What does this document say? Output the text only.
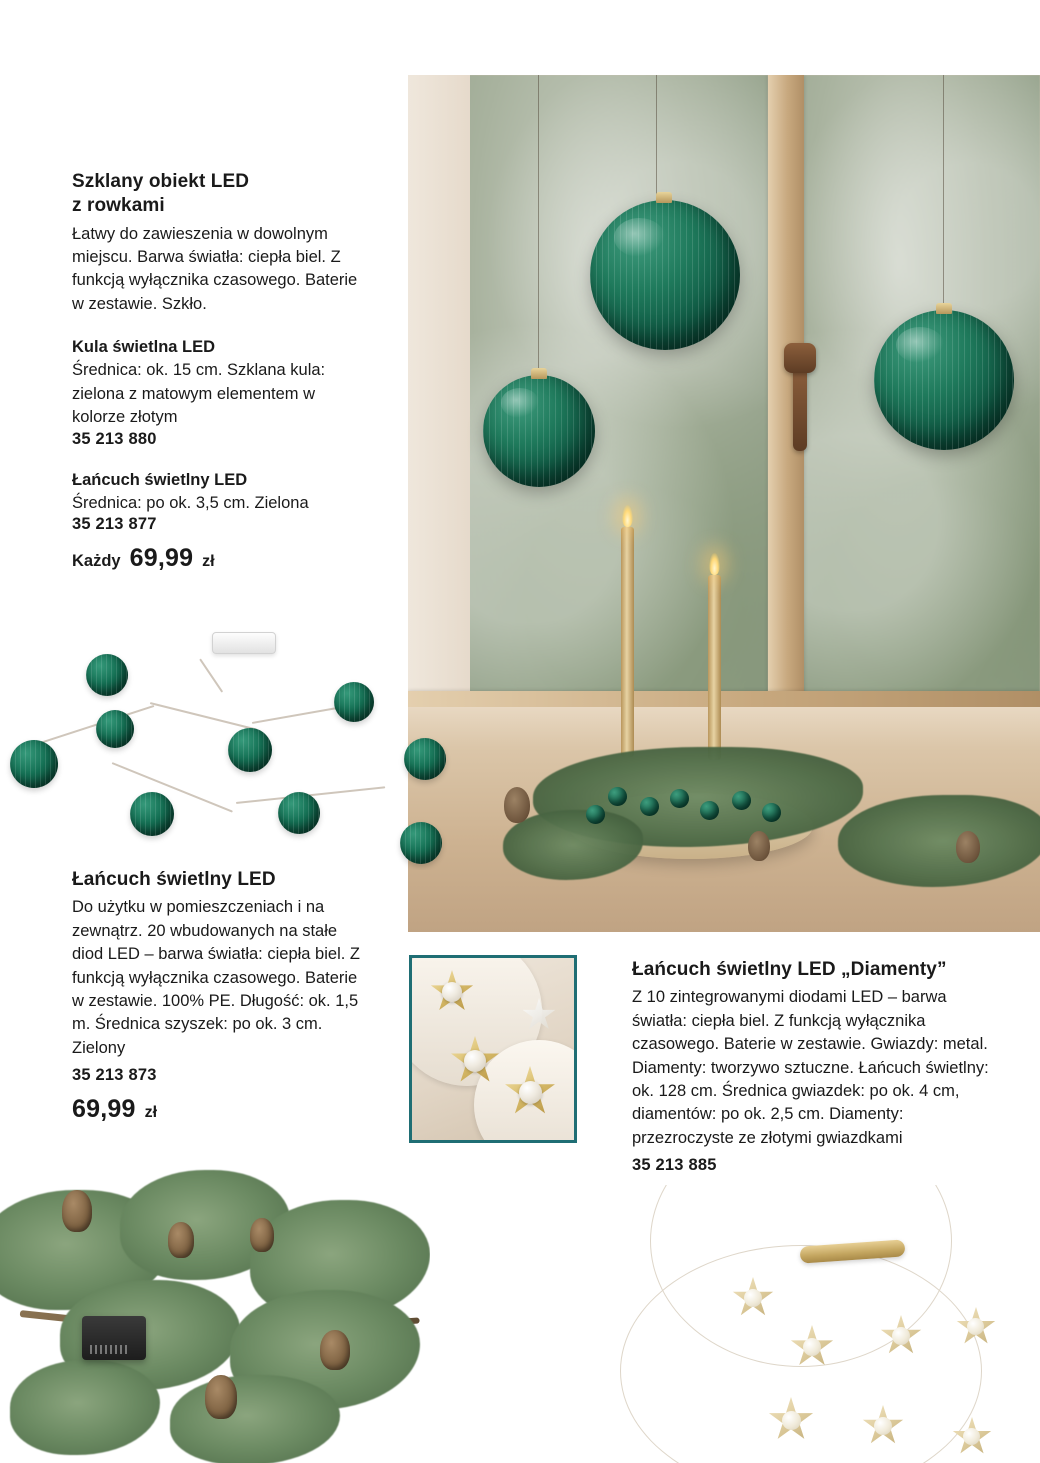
Szklany obiekt LED
z rowkami

Łatwy do zawieszenia w dowolnym miejscu. Barwa światła: ciepła biel. Z funkcją wyłącznika czasowego. Baterie w zestawie. Szkło.

Kula świetlna LED

Średnica: ok. 15 cm. Szklana kula: zielona z matowym elementem w kolorze złotym

35 213 880

Łańcuch świetlny LED

Średnica: po ok. 3,5 cm. Zielona

35 213 877

Każdy 69,99 zł
Łańcuch świetlny LED

Do użytku w pomieszczeniach i na zewnątrz. 20 wbudowanych na stałe diod LED – barwa światła: ciepła biel. Z funkcją wyłącznika czasowego. Baterie w zestawie. 100% PE. Długość: ok. 1,5 m. Średnica szyszek: po ok. 3 cm. Zielony

35 213 873

69,99 zł
Łańcuch świetlny LED „Diamenty”

Z 10 zintegrowanymi diodami LED – barwa światła: ciepła biel. Z funkcją wyłącznika czasowego. Baterie w zestawie. Gwiazdy: metal. Diamenty: tworzywo sztuczne. Łańcuch świetlny: ok. 128 cm. Średnica gwiazdek: po ok. 4 cm, diamentów: po ok. 2,5 cm. Diamenty: przezroczyste ze złotymi gwiazdkami

35 213 885
